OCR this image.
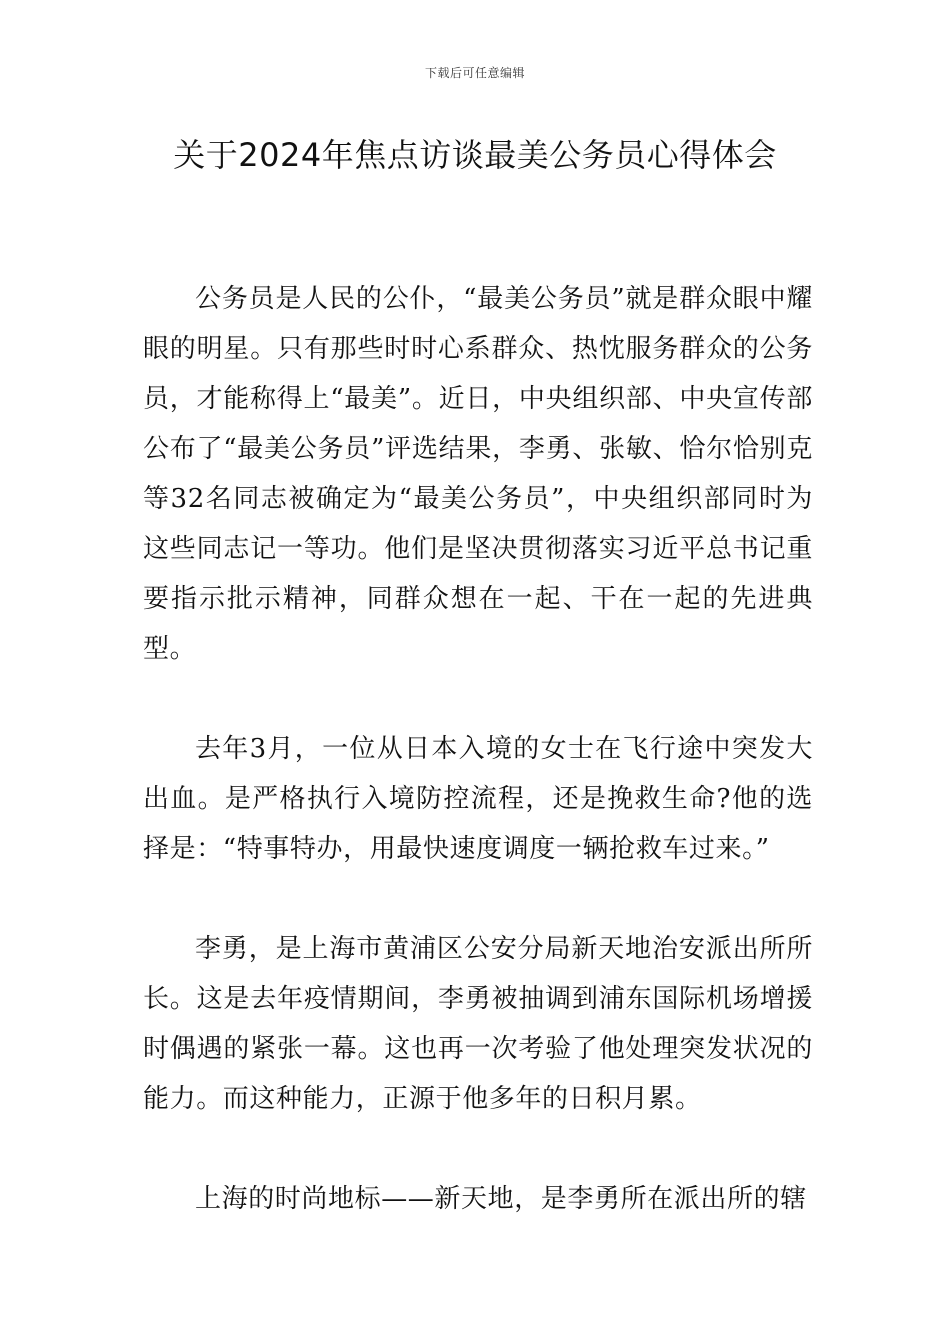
下载后可任意编辑
关于2024年焦点访谈最美公务员心得体会

公务员是人民的公仆，“最美公务员”就是群众眼中耀眼的明星。只有那些时时心系群众、热忱服务群众的公务员，才能称得上“最美”。近日，中央组织部、中央宣传部公布了“最美公务员”评选结果，李勇、张敏、恰尔恰别克等32名同志被确定为“最美公务员”，中央组织部同时为这些同志记一等功。他们是坚决贯彻落实习近平总书记重要指示批示精神，同群众想在一起、干在一起的先进典型。

去年3月，一位从日本入境的女士在飞行途中突发大出血。是严格执行入境防控流程，还是挽救生命?他的选择是：“特事特办，用最快速度调度一辆抢救车过来。”

李勇，是上海市黄浦区公安分局新天地治安派出所所长。这是去年疫情期间，李勇被抽调到浦东国际机场增援时偶遇的紧张一幕。这也再一次考验了他处理突发状况的能力。而这种能力，正源于他多年的日积月累。

上海的时尚地标——新天地，是李勇所在派出所的辖
